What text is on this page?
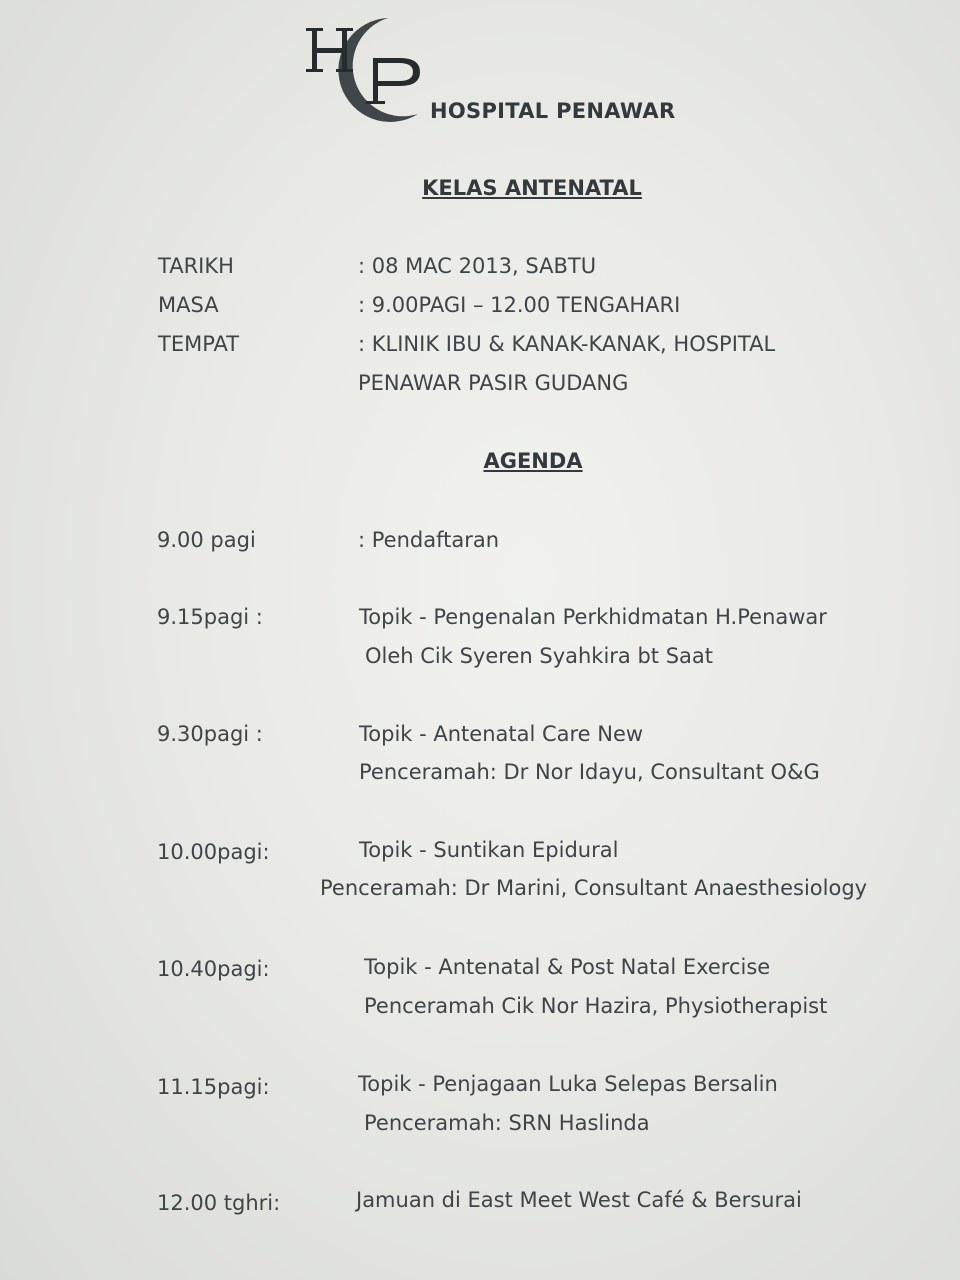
HOSPITAL PENAWAR
KELAS ANTENATAL
TARIKH	: 08 MAC 2013, SABTU
MASA	: 9.00PAGI – 12.00 TENGAHARI
TEMPAT	: KLINIK IBU & KANAK-KANAK, HOSPITAL
PENAWAR PASIR GUDANG
AGENDA
9.00 pagi	: Pendaftaran
9.15pagi :	Topik - Pengenalan Perkhidmatan H.Penawar
Oleh Cik Syeren Syahkira bt Saat
9.30pagi :	Topik - Antenatal Care New
Penceramah: Dr Nor Idayu, Consultant O&G
10.00pagi:	Topik - Suntikan Epidural
Penceramah: Dr Marini, Consultant Anaesthesiology
10.40pagi:	Topik - Antenatal & Post Natal Exercise
Penceramah Cik Nor Hazira, Physiotherapist
11.15pagi:	Topik - Penjagaan Luka Selepas Bersalin
Penceramah: SRN Haslinda
12.00 tghri:	Jamuan di East Meet West Café & Bersurai
